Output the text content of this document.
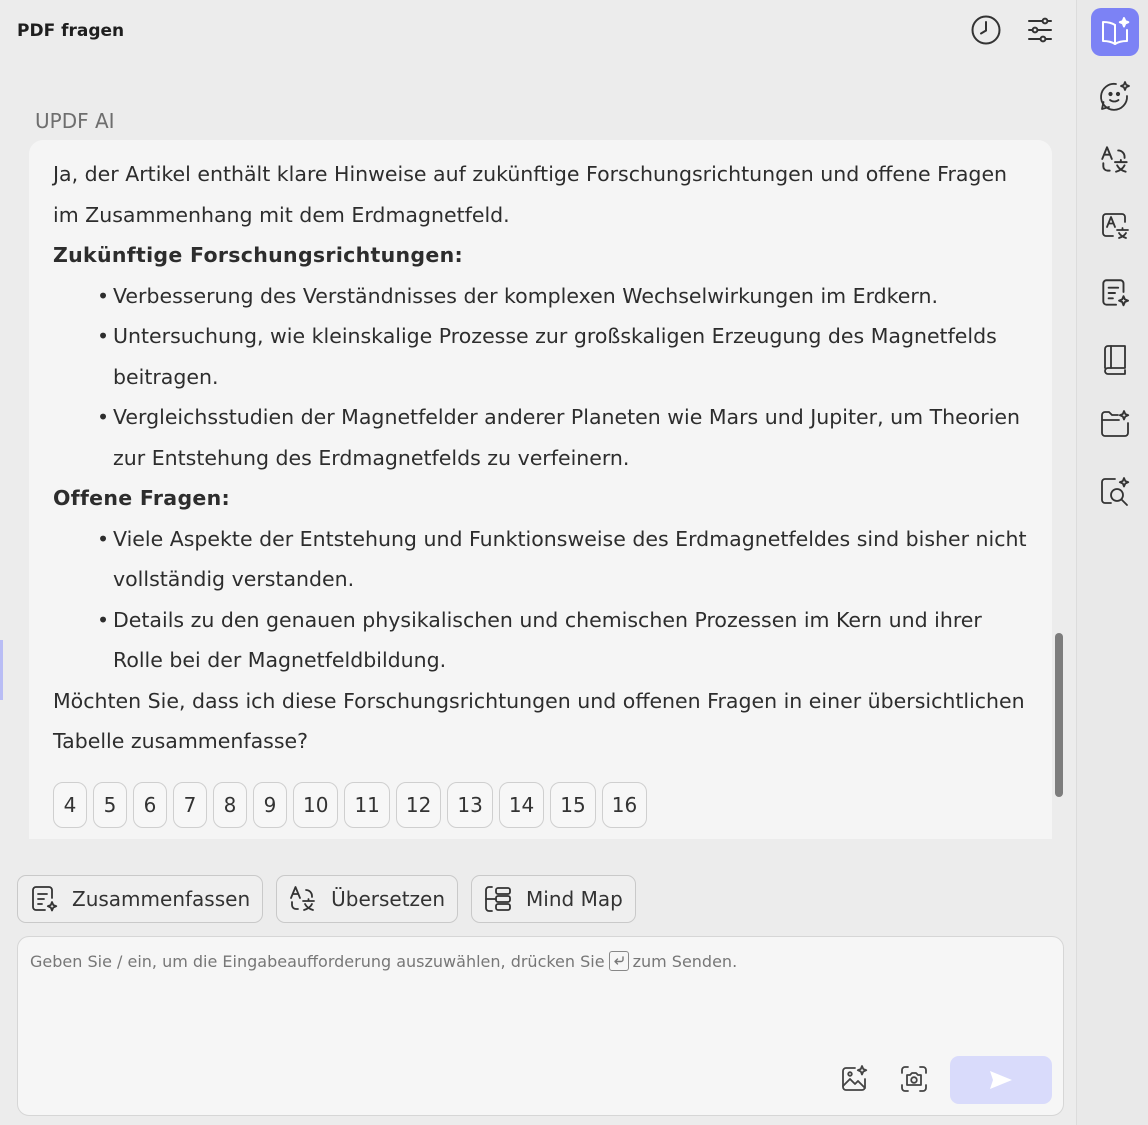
PDF fragen
UPDF AI

Ja, der Artikel enthält klare Hinweise auf zukünftige Forschungsrichtungen und offene Fragen im Zusammenhang mit dem Erdmagnetfeld.

Zukünftige Forschungsrichtungen:
• Verbesserung des Verständnisses der komplexen Wechselwirkungen im Erdkern.
• Untersuchung, wie kleinskalige Prozesse zur großskaligen Erzeugung des Magnetfelds beitragen.
• Vergleichsstudien der Magnetfelder anderer Planeten wie Mars und Jupiter, um Theorien zur Entstehung des Erdmagnetfelds zu verfeinern.
Offene Fragen:
• Viele Aspekte der Entstehung und Funktionsweise des Erdmagnetfeldes sind bisher nicht vollständig verstanden.
• Details zu den genauen physikalischen und chemischen Prozessen im Kern und ihrer Rolle bei der Magnetfeldbildung.

Möchten Sie, dass ich diese Forschungsrichtungen und offenen Fragen in einer übersichtlichen Tabelle zusammenfasse?

4	5	6	7	8	9	10	11	12	13	14	15	16
Zusammenfassen	Übersetzen	Mind Map
Geben Sie / ein, um die Eingabeaufforderung auszuwählen, drücken Sie zum Senden.
